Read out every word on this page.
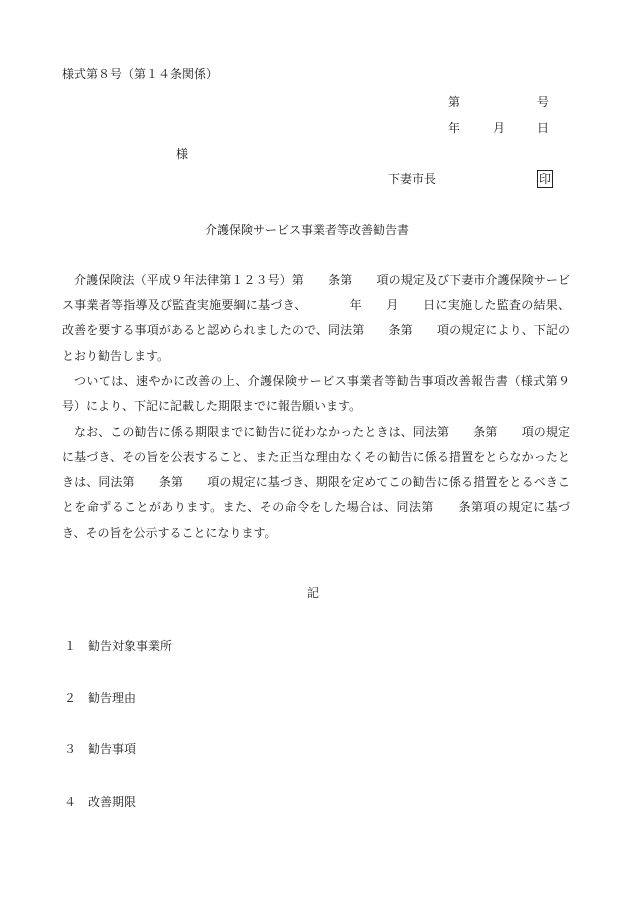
様式第８号（第１４条関係）
第	号
年	月	日
様
下妻市長	印
介護保険サービス事業者等改善勧告書

介護保険法（平成９年法律第１２３号）第　　条第　　項の規定及び下妻市介護保険サービス事業者等指導及び監査実施要綱に基づき、　　　　年　　月　　日に実施した監査の結果、改善を要する事項があると認められましたので、同法第　　条第　　項の規定により、下記のとおり勧告します。

ついては、速やかに改善の上、介護保険サービス事業者等勧告事項改善報告書（様式第９号）により、下記に記載した期限までに報告願います。

なお、この勧告に係る期限までに勧告に従わなかったときは、同法第　　条第　　項の規定に基づき、その旨を公表すること、また正当な理由なくその勧告に係る措置をとらなかったときは、同法第　　条第　　項の規定に基づき、期限を定めてこの勧告に係る措置をとるべきことを命ずることがあります。また、その命令をした場合は、同法第　　条第項の規定に基づき、その旨を公示することになります。

記
１ 勧告対象事業所
２ 勧告理由
３ 勧告事項
４ 改善期限
